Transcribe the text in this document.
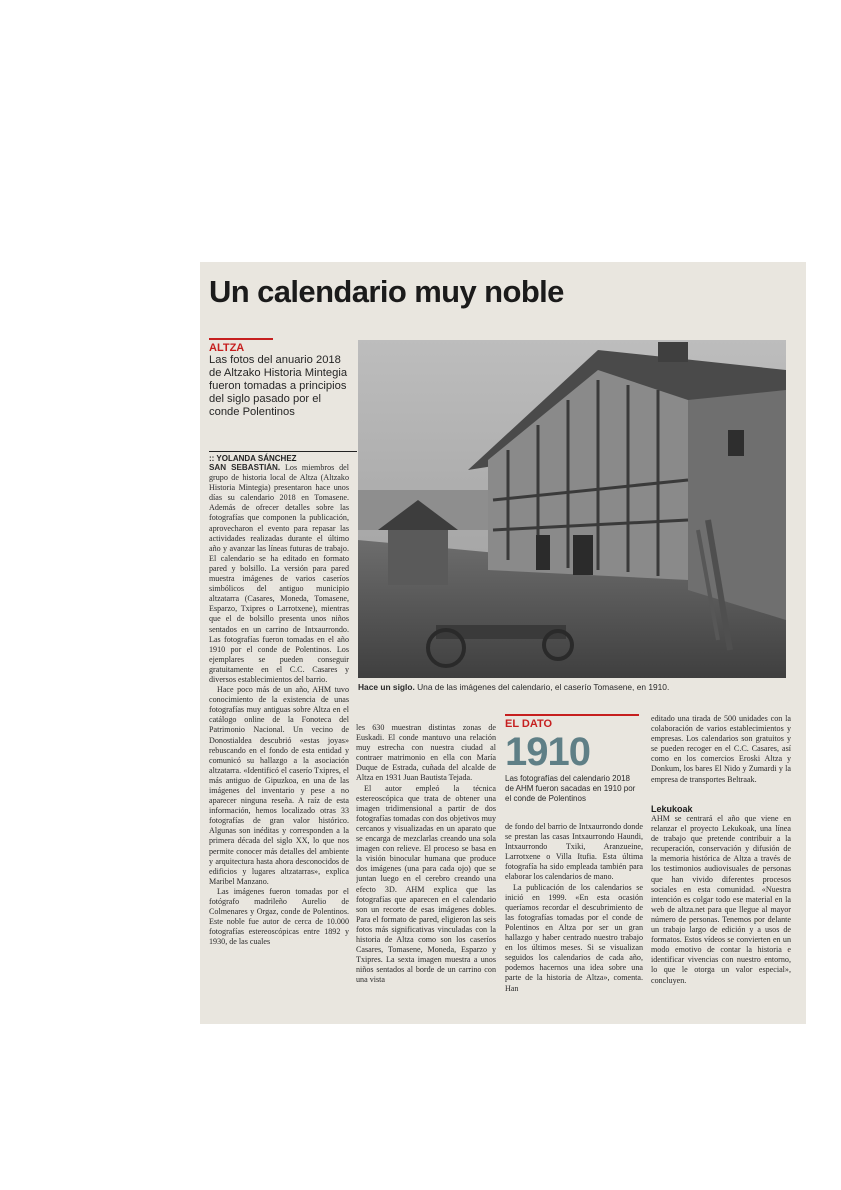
Un calendario muy noble
ALTZA

Las fotos del anuario 2018 de Altzako Historia Mintegia fueron tomadas a principios del siglo pasado por el conde Polentinos

:: YOLANDA SÁNCHEZ

SAN SEBASTIÁN. Los miembros del grupo de historia local de Altza (Altzako Historia Mintegia) presentaron hace unos días su calendario 2018 en Tomasene. Además de ofrecer detalles sobre las fotografías que componen la publicación, aprovecharon el evento para repasar las actividades realizadas durante el último año y avanzar las líneas futuras de trabajo. El calendario se ha editado en formato pared y bolsillo. La versión para pared muestra imágenes de varios caseríos simbólicos del antiguo municipio altzatarra (Casares, Moneda, Tomasene, Esparzo, Txipres o Larrotxene), mientras que el de bolsillo presenta unos niños sentados en un carrino de Intxaurrondo. Las fotografías fueron tomadas en el año 1910 por el conde de Polentinos. Los ejemplares se pueden conseguir gratuitamente en el C.C. Casares y diversos establecimientos del barrio.

Hace poco más de un año, AHM tuvo conocimiento de la existencia de unas fotografías muy antiguas sobre Altza en el catálogo online de la Fonoteca del Patrimonio Nacional. Un vecino de Donostialdea descubrió «estas joyas» rebuscando en el fondo de esta entidad y comunicó su hallazgo a la asociación altzatarra. «Identificó el caserío Txipres, el más antiguo de Gipuzkoa, en una de las imágenes del inventario y pese a no aparecer ninguna reseña. A raíz de esta información, hemos localizado otras 33 fotografías de gran valor histórico. Algunas son inéditas y corresponden a la primera década del siglo XX, lo que nos permite conocer más detalles del ambiente y arquitectura hasta ahora desconocidos de edificios y lugares altzatarras», explica Maribel Manzano.

Las imágenes fueron tomadas por el fotógrafo madrileño Aurelio de Colmenares y Orgaz, conde de Polentinos. Este noble fue autor de cerca de 10.000 fotografías estereoscópicas entre 1892 y 1930, de las cuales

Hace un siglo. Una de las imágenes del calendario, el caserío Tomasene, en 1910.

les 630 muestran distintas zonas de Euskadi. El conde mantuvo una relación muy estrecha con nuestra ciudad al contraer matrimonio en ella con María Duque de Estrada, cuñada del alcalde de Altza en 1931 Juan Bautista Tejada.

El autor empleó la técnica estereoscópica que trata de obtener una imagen tridimensional a partir de dos fotografías tomadas con dos objetivos muy cercanos y visualizadas en un aparato que se encarga de mezclarlas creando una sola imagen con relieve. El proceso se basa en la visión binocular humana que produce dos imágenes (una para cada ojo) que se juntan luego en el cerebro creando una efecto 3D. AHM explica que las fotografías que aparecen en el calendario son un recorte de esas imágenes dobles. Para el formato de pared, eligieron las seis fotos más significativas vinculadas con la historia de Altza como son los caseríos Casares, Tomasene, Moneda, Esparzo y Txipres. La sexta imagen muestra a unos niños sentados al borde de un carrino con una vista

EL DATO
1910
Las fotografías del calendario 2018 de AHM fueron sacadas en 1910 por el conde de Polentinos

de fondo del barrio de Intxaurrondo donde se prestan las casas Intxaurrondo Haundi, Intxaurrondo Txiki, Aranzueine, Larrotxene o Villa Itufia. Esta última fotografía ha sido empleada también para elaborar los calendarios de mano.

La publicación de los calendarios se inició en 1999. «En esta ocasión queríamos recordar el descubrimiento de las fotografías tomadas por el conde de Polentinos en Altza por ser un gran hallazgo y haber centrado nuestro trabajo en los últimos meses. Si se visualizan seguidos los calendarios de cada año, podemos hacernos una idea sobre una parte de la historia de Altza», comenta. Han

editado una tirada de 500 unidades con la colaboración de varios establecimientos y empresas. Los calendarios son gratuitos y se pueden recoger en el C.C. Casares, así como en los comercios Eroski Altza y Donkum, los bares El Nido y Zumardi y la empresa de transportes Beltraak.

Lekukoak

AHM se centrará el año que viene en relanzar el proyecto Lekukoak, una línea de trabajo que pretende contribuir a la recuperación, conservación y difusión de la memoria histórica de Altza a través de los testimonios audiovisuales de personas que han vivido diferentes procesos sociales en esta comunidad. «Nuestra intención es colgar todo ese material en la web de altza.net para que llegue al mayor número de personas. Tenemos por delante un trabajo largo de edición y a usos de formatos. Estos vídeos se convierten en un modo emotivo de contar la historia e identificar vivencias con nuestro entorno, lo que le otorga un valor especial», concluyen.
